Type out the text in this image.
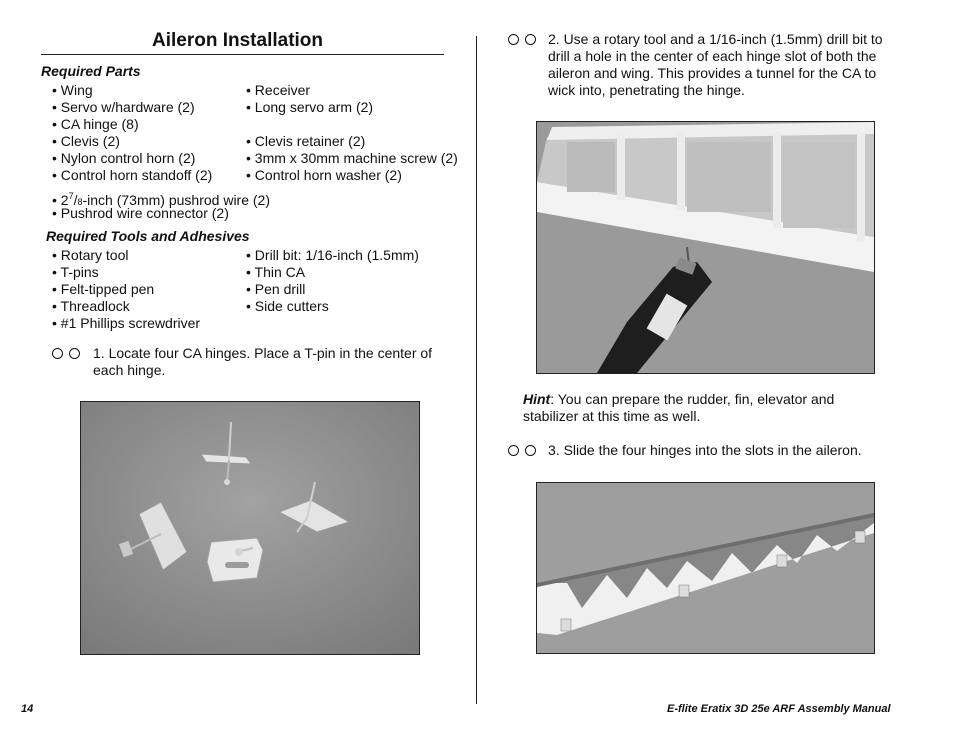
Aileron Installation
Required Parts
• Wing
• Servo w/hardware (2)
• CA hinge (8)
• Clevis (2)
• Nylon control horn (2)
• Control horn standoff (2)
• Receiver
• Long servo arm (2)
• Clevis retainer (2)
• 3mm x 30mm machine screw (2)
• Control horn washer (2)
• $2^7/8$-inch (73mm) pushrod wire (2)
• Pushrod wire connector (2)
Required Tools and Adhesives
• Rotary tool
• T-pins
• Felt-tipped pen
• Threadlock
• #1 Phillips screwdriver
• Drill bit: 1/16-inch (1.5mm)
• Thin CA
• Pen drill
• Side cutters
1. Locate four CA hinges. Place a T-pin in the center of each hinge.
2. Use a rotary tool and a 1/16-inch (1.5mm) drill bit to drill a hole in the center of each hinge slot of both the aileron and wing. This provides a tunnel for the CA to wick into, penetrating the hinge.
Hint: You can prepare the rudder, fin, elevator and stabilizer at this time as well.
3. Slide the four hinges into the slots in the aileron.
14	E-flite Eratix 3D 25e ARF Assembly Manual
